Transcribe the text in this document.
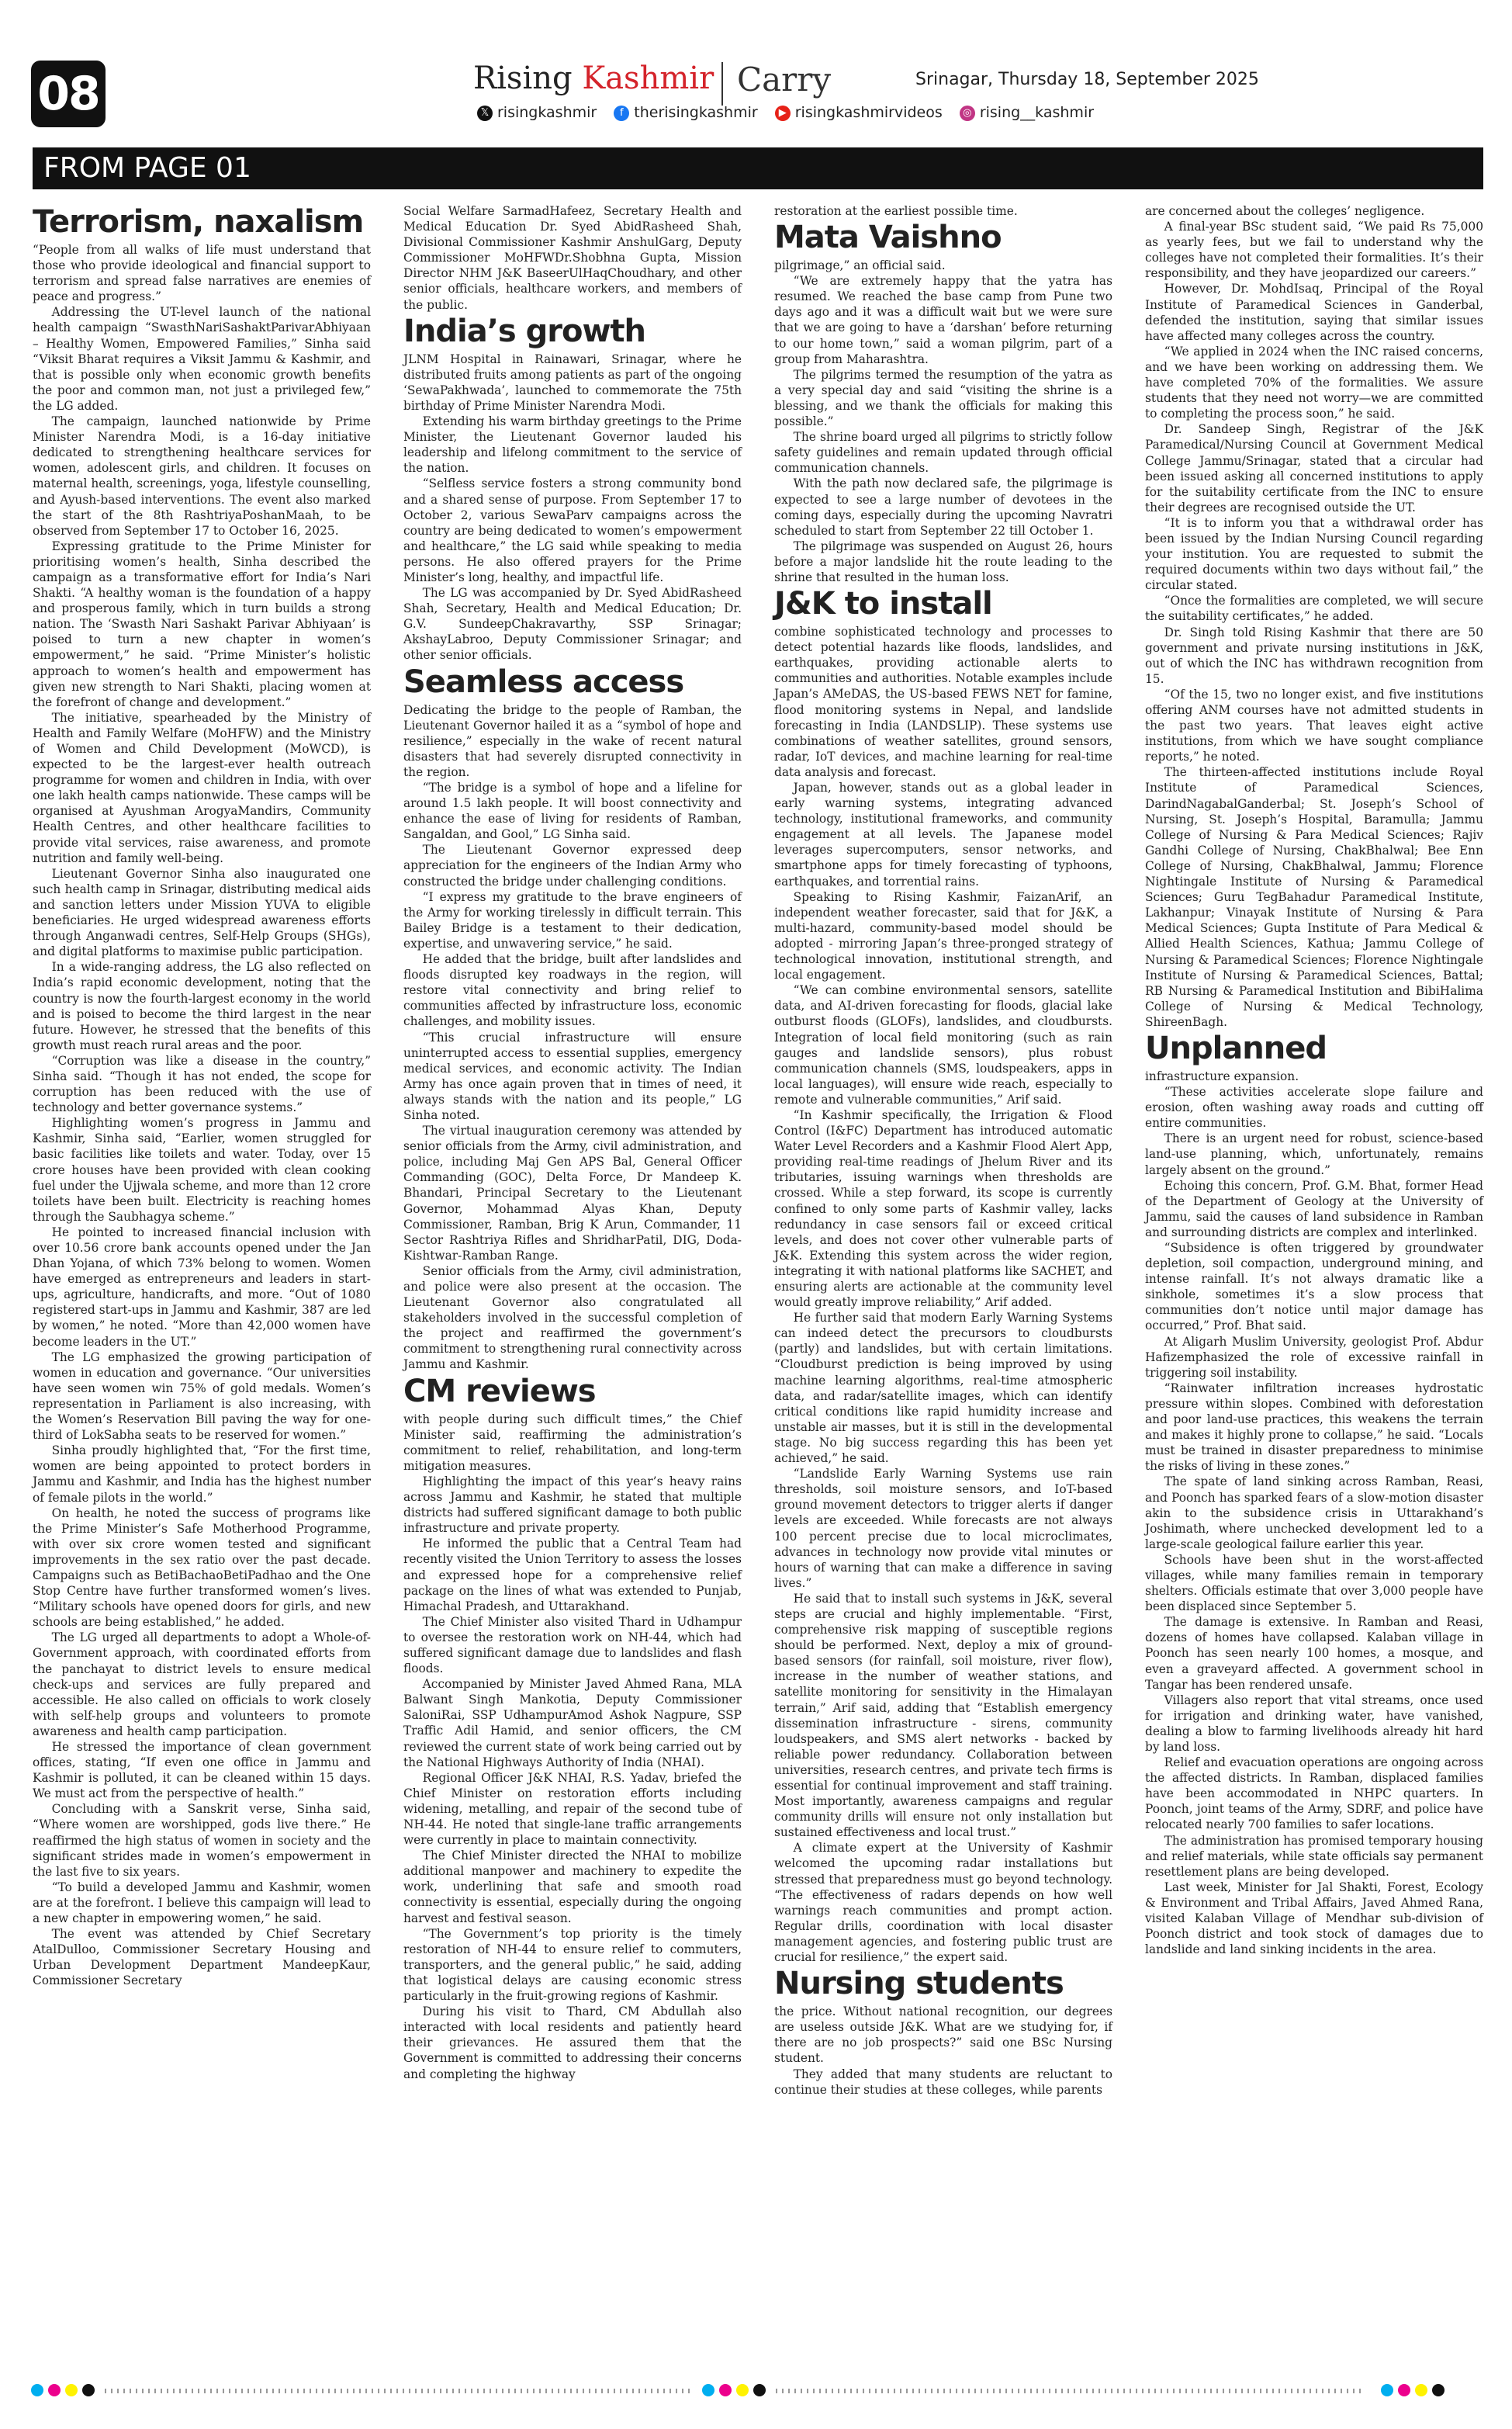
08	Rising Kashmir Carry	Srinagar, Thursday 18, September 2025
𝕏 risingkashmir f therisingkashmir ▶ risingkashmirvideos ◎ rising__kashmir
FROM PAGE 01
Terrorism, naxalism

“People from all walks of life must understand that those who provide ideological and financial support to terrorism and spread false narratives are enemies of peace and progress.”

Addressing the UT-level launch of the national health campaign “SwasthNariSashaktParivarAbhiyaan – Healthy Women, Empowered Families,” Sinha said “Viksit Bharat requires a Viksit Jammu & Kashmir, and that is possible only when economic growth benefits the poor and common man, not just a privileged few,” the LG added.

The campaign, launched nationwide by Prime Minister Narendra Modi, is a 16-day initiative dedicated to strengthening healthcare services for women, adolescent girls, and children. It focuses on maternal health, screenings, yoga, lifestyle counselling, and Ayush-based interventions. The event also marked the start of the 8th RashtriyaPoshanMaah, to be observed from September 17 to October 16, 2025.

Expressing gratitude to the Prime Minister for prioritising women’s health, Sinha described the campaign as a transformative effort for India’s Nari Shakti. “A healthy woman is the foundation of a happy and prosperous family, which in turn builds a strong nation. The ‘Swasth Nari Sashakt Parivar Abhiyaan’ is poised to turn a new chapter in women’s empowerment,” he said. “Prime Minister’s holistic approach to women’s health and empowerment has given new strength to Nari Shakti, placing women at the forefront of change and development.”

The initiative, spearheaded by the Ministry of Health and Family Welfare (MoHFW) and the Ministry of Women and Child Development (MoWCD), is expected to be the largest-ever health outreach programme for women and children in India, with over one lakh health camps nationwide. These camps will be organised at Ayushman ArogyaMandirs, Community Health Centres, and other healthcare facilities to provide vital services, raise awareness, and promote nutrition and family well-being.

Lieutenant Governor Sinha also inaugurated one such health camp in Srinagar, distributing medical aids and sanction letters under Mission YUVA to eligible beneficiaries. He urged widespread awareness efforts through Anganwadi centres, Self-Help Groups (SHGs), and digital platforms to maximise public participation.

In a wide-ranging address, the LG also reflected on India’s rapid economic development, noting that the country is now the fourth-largest economy in the world and is poised to become the third largest in the near future. However, he stressed that the benefits of this growth must reach rural areas and the poor.

“Corruption was like a disease in the country,” Sinha said. “Though it has not ended, the scope for corruption has been reduced with the use of technology and better governance systems.”

Highlighting women’s progress in Jammu and Kashmir, Sinha said, “Earlier, women struggled for basic facilities like toilets and water. Today, over 15 crore houses have been provided with clean cooking fuel under the Ujjwala scheme, and more than 12 crore toilets have been built. Electricity is reaching homes through the Saubhagya scheme.”

He pointed to increased financial inclusion with over 10.56 crore bank accounts opened under the Jan Dhan Yojana, of which 73% belong to women. Women have emerged as entrepreneurs and leaders in start-ups, agriculture, handicrafts, and more. “Out of 1080 registered start-ups in Jammu and Kashmir, 387 are led by women,” he noted. “More than 42,000 women have become leaders in the UT.”

The LG emphasized the growing participation of women in education and governance. “Our universities have seen women win 75% of gold medals. Women’s representation in Parliament is also increasing, with the Women’s Reservation Bill paving the way for one-third of LokSabha seats to be reserved for women.”

Sinha proudly highlighted that, “For the first time, women are being appointed to protect borders in Jammu and Kashmir, and India has the highest number of female pilots in the world.”

On health, he noted the success of programs like the Prime Minister’s Safe Motherhood Programme, with over six crore women tested and significant improvements in the sex ratio over the past decade. Campaigns such as BetiBachaoBetiPadhao and the One Stop Centre have further transformed women’s lives. “Military schools have opened doors for girls, and new schools are being established,” he added.

The LG urged all departments to adopt a Whole-of-Government approach, with coordinated efforts from the panchayat to district levels to ensure medical check-ups and services are fully prepared and accessible. He also called on officials to work closely with self-help groups and volunteers to promote awareness and health camp participation.

He stressed the importance of clean government offices, stating, “If even one office in Jammu and Kashmir is polluted, it can be cleaned within 15 days. We must act from the perspective of health.”

Concluding with a Sanskrit verse, Sinha said, “Where women are worshipped, gods live there.” He reaffirmed the high status of women in society and the significant strides made in women’s empowerment in the last five to six years.

“To build a developed Jammu and Kashmir, women are at the forefront. I believe this campaign will lead to a new chapter in empowering women,” he said.

The event was attended by Chief Secretary AtalDulloo, Commissioner Secretary Housing and Urban Development Department MandeepKaur, Commissioner Secretary

Social Welfare SarmadHafeez, Secretary Health and Medical Education Dr. Syed AbidRasheed Shah, Divisional Commissioner Kashmir AnshulGarg, Deputy Commissioner MoHFWDr.Shobhna Gupta, Mission Director NHM J&K BaseerUlHaqChoudhary, and other senior officials, healthcare workers, and members of the public.

India’s growth

JLNM Hospital in Rainawari, Srinagar, where he distributed fruits among patients as part of the ongoing ‘SewaPakhwada’, launched to commemorate the 75th birthday of Prime Minister Narendra Modi.

Extending his warm birthday greetings to the Prime Minister, the Lieutenant Governor lauded his leadership and lifelong commitment to the service of the nation.

“Selfless service fosters a strong community bond and a shared sense of purpose. From September 17 to October 2, various SewaParv campaigns across the country are being dedicated to women’s empowerment and healthcare,” the LG said while speaking to media persons. He also offered prayers for the Prime Minister’s long, healthy, and impactful life.

The LG was accompanied by Dr. Syed AbidRasheed Shah, Secretary, Health and Medical Education; Dr. G.V. SundeepChakravarthy, SSP Srinagar; AkshayLabroo, Deputy Commissioner Srinagar; and other senior officials.

Seamless access

Dedicating the bridge to the people of Ramban, the Lieutenant Governor hailed it as a “symbol of hope and resilience,” especially in the wake of recent natural disasters that had severely disrupted connectivity in the region.

“The bridge is a symbol of hope and a lifeline for around 1.5 lakh people. It will boost connectivity and enhance the ease of living for residents of Ramban, Sangaldan, and Gool,” LG Sinha said.

The Lieutenant Governor expressed deep appreciation for the engineers of the Indian Army who constructed the bridge under challenging conditions.

“I express my gratitude to the brave engineers of the Army for working tirelessly in difficult terrain. This Bailey Bridge is a testament to their dedication, expertise, and unwavering service,” he said.

He added that the bridge, built after landslides and floods disrupted key roadways in the region, will restore vital connectivity and bring relief to communities affected by infrastructure loss, economic challenges, and mobility issues.

“This crucial infrastructure will ensure uninterrupted access to essential supplies, emergency medical services, and economic activity. The Indian Army has once again proven that in times of need, it always stands with the nation and its people,” LG Sinha noted.

The virtual inauguration ceremony was attended by senior officials from the Army, civil administration, and police, including Maj Gen APS Bal, General Officer Commanding (GOC), Delta Force, Dr Mandeep K. Bhandari, Principal Secretary to the Lieutenant Governor, Mohammad Alyas Khan, Deputy Commissioner, Ramban, Brig K Arun, Commander, 11 Sector Rashtriya Rifles and ShridharPatil, DIG, Doda-Kishtwar-Ramban Range.

Senior officials from the Army, civil administration, and police were also present at the occasion. The Lieutenant Governor also congratulated all stakeholders involved in the successful completion of the project and reaffirmed the government’s commitment to strengthening rural connectivity across Jammu and Kashmir.

CM reviews

with people during such difficult times,” the Chief Minister said, reaffirming the administration’s commitment to relief, rehabilitation, and long-term mitigation measures.

Highlighting the impact of this year’s heavy rains across Jammu and Kashmir, he stated that multiple districts had suffered significant damage to both public infrastructure and private property.

He informed the public that a Central Team had recently visited the Union Territory to assess the losses and expressed hope for a comprehensive relief package on the lines of what was extended to Punjab, Himachal Pradesh, and Uttarakhand.

The Chief Minister also visited Thard in Udhampur to oversee the restoration work on NH-44, which had suffered significant damage due to landslides and flash floods.

Accompanied by Minister Javed Ahmed Rana, MLA Balwant Singh Mankotia, Deputy Commissioner SaloniRai, SSP UdhampurAmod Ashok Nagpure, SSP Traffic Adil Hamid, and senior officers, the CM reviewed the current state of work being carried out by the National Highways Authority of India (NHAI).

Regional Officer J&K NHAI, R.S. Yadav, briefed the Chief Minister on restoration efforts including widening, metalling, and repair of the second tube of NH-44. He noted that single-lane traffic arrangements were currently in place to maintain connectivity.

The Chief Minister directed the NHAI to mobilize additional manpower and machinery to expedite the work, underlining that safe and smooth road connectivity is essential, especially during the ongoing harvest and festival season.

“The Government’s top priority is the timely restoration of NH-44 to ensure relief to commuters, transporters, and the general public,” he said, adding that logistical delays are causing economic stress particularly in the fruit-growing regions of Kashmir.

During his visit to Thard, CM Abdullah also interacted with local residents and patiently heard their grievances. He assured them that the Government is committed to addressing their concerns and completing the highway

restoration at the earliest possible time.

Mata Vaishno

pilgrimage,” an official said.

“We are extremely happy that the yatra has resumed. We reached the base camp from Pune two days ago and it was a difficult wait but we were sure that we are going to have a ‘darshan’ before returning to our home town,” said a woman pilgrim, part of a group from Maharashtra.

The pilgrims termed the resumption of the yatra as a very special day and said “visiting the shrine is a blessing, and we thank the officials for making this possible.”

The shrine board urged all pilgrims to strictly follow safety guidelines and remain updated through official communication channels.

With the path now declared safe, the pilgrimage is expected to see a large number of devotees in the coming days, especially during the upcoming Navratri scheduled to start from September 22 till October 1.

The pilgrimage was suspended on August 26, hours before a major landslide hit the route leading to the shrine that resulted in the human loss.

J&K to install

combine sophisticated technology and processes to detect potential hazards like floods, landslides, and earthquakes, providing actionable alerts to communities and authorities. Notable examples include Japan’s AMeDAS, the US-based FEWS NET for famine, flood monitoring systems in Nepal, and landslide forecasting in India (LANDSLIP). These systems use combinations of weather satellites, ground sensors, radar, IoT devices, and machine learning for real-time data analysis and forecast.

Japan, however, stands out as a global leader in early warning systems, integrating advanced technology, institutional frameworks, and community engagement at all levels. The Japanese model leverages supercomputers, sensor networks, and smartphone apps for timely forecasting of typhoons, earthquakes, and torrential rains.

Speaking to Rising Kashmir, FaizanArif, an independent weather forecaster, said that for J&K, a multi-hazard, community-based model should be adopted - mirroring Japan’s three-pronged strategy of technological innovation, institutional strength, and local engagement.

“We can combine environmental sensors, satellite data, and AI-driven forecasting for floods, glacial lake outburst floods (GLOFs), landslides, and cloudbursts. Integration of local field monitoring (such as rain gauges and landslide sensors), plus robust communication channels (SMS, loudspeakers, apps in local languages), will ensure wide reach, especially to remote and vulnerable communities,” Arif said.

“In Kashmir specifically, the Irrigation & Flood Control (I&FC) Department has introduced automatic Water Level Recorders and a Kashmir Flood Alert App, providing real-time readings of Jhelum River and its tributaries, issuing warnings when thresholds are crossed. While a step forward, its scope is currently confined to only some parts of Kashmir valley, lacks redundancy in case sensors fail or exceed critical levels, and does not cover other vulnerable parts of J&K. Extending this system across the wider region, integrating it with national platforms like SACHET, and ensuring alerts are actionable at the community level would greatly improve reliability,” Arif added.

He further said that modern Early Warning Systems can indeed detect the precursors to cloudbursts (partly) and landslides, but with certain limitations. “Cloudburst prediction is being improved by using machine learning algorithms, real-time atmospheric data, and radar/satellite images, which can identify critical conditions like rapid humidity increase and unstable air masses, but it is still in the developmental stage. No big success regarding this has been yet achieved,” he said.

“Landslide Early Warning Systems use rain thresholds, soil moisture sensors, and IoT-based ground movement detectors to trigger alerts if danger levels are exceeded. While forecasts are not always 100 percent precise due to local microclimates, advances in technology now provide vital minutes or hours of warning that can make a difference in saving lives.”

He said that to install such systems in J&K, several steps are crucial and highly implementable. “First, comprehensive risk mapping of susceptible regions should be performed. Next, deploy a mix of ground-based sensors (for rainfall, soil moisture, river flow), increase in the number of weather stations, and satellite monitoring for sensitivity in the Himalayan terrain,” Arif said, adding that “Establish emergency dissemination infrastructure - sirens, community loudspeakers, and SMS alert networks - backed by reliable power redundancy. Collaboration between universities, research centres, and private tech firms is essential for continual improvement and staff training. Most importantly, awareness campaigns and regular community drills will ensure not only installation but sustained effectiveness and local trust.”

A climate expert at the University of Kashmir welcomed the upcoming radar installations but stressed that preparedness must go beyond technology. “The effectiveness of radars depends on how well warnings reach communities and prompt action. Regular drills, coordination with local disaster management agencies, and fostering public trust are crucial for resilience,” the expert said.

Nursing students

the price. Without national recognition, our degrees are useless outside J&K. What are we studying for, if there are no job prospects?” said one BSc Nursing student.

They added that many students are reluctant to continue their studies at these colleges, while parents

are concerned about the colleges’ negligence.

A final-year BSc student said, “We paid Rs 75,000 as yearly fees, but we fail to understand why the colleges have not completed their formalities. It’s their responsibility, and they have jeopardized our careers.”

However, Dr. MohdIsaq, Principal of the Royal Institute of Paramedical Sciences in Ganderbal, defended the institution, saying that similar issues have affected many colleges across the country.

“We applied in 2024 when the INC raised concerns, and we have been working on addressing them. We have completed 70% of the formalities. We assure students that they need not worry—we are committed to completing the process soon,” he said.

Dr. Sandeep Singh, Registrar of the J&K Paramedical/Nursing Council at Government Medical College Jammu/Srinagar, stated that a circular had been issued asking all concerned institutions to apply for the suitability certificate from the INC to ensure their degrees are recognised outside the UT.

“It is to inform you that a withdrawal order has been issued by the Indian Nursing Council regarding your institution. You are requested to submit the required documents within two days without fail,” the circular stated.

“Once the formalities are completed, we will secure the suitability certificates,” he added.

Dr. Singh told Rising Kashmir that there are 50 government and private nursing institutions in J&K, out of which the INC has withdrawn recognition from 15.

“Of the 15, two no longer exist, and five institutions offering ANM courses have not admitted students in the past two years. That leaves eight active institutions, from which we have sought compliance reports,” he noted.

The thirteen-affected institutions include Royal Institute of Paramedical Sciences, DarindNagabalGanderbal; St. Joseph’s School of Nursing, St. Joseph’s Hospital, Baramulla; Jammu College of Nursing & Para Medical Sciences; Rajiv Gandhi College of Nursing, ChakBhalwal; Bee Enn College of Nursing, ChakBhalwal, Jammu; Florence Nightingale Institute of Nursing & Paramedical Sciences; Guru TegBahadur Paramedical Institute, Lakhanpur; Vinayak Institute of Nursing & Para Medical Sciences; Gupta Institute of Para Medical & Allied Health Sciences, Kathua; Jammu College of Nursing & Paramedical Sciences; Florence Nightingale Institute of Nursing & Paramedical Sciences, Battal; RB Nursing & Paramedical Institution and BibiHalima College of Nursing & Medical Technology, ShireenBagh.

Unplanned

infrastructure expansion.

“These activities accelerate slope failure and erosion, often washing away roads and cutting off entire communities.

There is an urgent need for robust, science-based land-use planning, which, unfortunately, remains largely absent on the ground.”

Echoing this concern, Prof. G.M. Bhat, former Head of the Department of Geology at the University of Jammu, said the causes of land subsidence in Ramban and surrounding districts are complex and interlinked.

“Subsidence is often triggered by groundwater depletion, soil compaction, underground mining, and intense rainfall. It’s not always dramatic like a sinkhole, sometimes it’s a slow process that communities don’t notice until major damage has occurred,” Prof. Bhat said.

At Aligarh Muslim University, geologist Prof. Abdur Hafizemphasized the role of excessive rainfall in triggering soil instability.

“Rainwater infiltration increases hydrostatic pressure within slopes. Combined with deforestation and poor land-use practices, this weakens the terrain and makes it highly prone to collapse,” he said. “Locals must be trained in disaster preparedness to minimise the risks of living in these zones.”

The spate of land sinking across Ramban, Reasi, and Poonch has sparked fears of a slow-motion disaster akin to the subsidence crisis in Uttarakhand’s Joshimath, where unchecked development led to a large-scale geological failure earlier this year.

Schools have been shut in the worst-affected villages, while many families remain in temporary shelters. Officials estimate that over 3,000 people have been displaced since September 5.

The damage is extensive. In Ramban and Reasi, dozens of homes have collapsed. Kalaban village in Poonch has seen nearly 100 homes, a mosque, and even a graveyard affected. A government school in Tangar has been rendered unsafe.

Villagers also report that vital streams, once used for irrigation and drinking water, have vanished, dealing a blow to farming livelihoods already hit hard by land loss.

Relief and evacuation operations are ongoing across the affected districts. In Ramban, displaced families have been accommodated in NHPC quarters. In Poonch, joint teams of the Army, SDRF, and police have relocated nearly 700 families to safer locations.

The administration has promised temporary housing and relief materials, while state officials say permanent resettlement plans are being developed.

Last week, Minister for Jal Shakti, Forest, Ecology & Environment and Tribal Affairs, Javed Ahmed Rana, visited Kalaban Village of Mendhar sub-division of Poonch district and took stock of damages due to landslide and land sinking incidents in the area.
